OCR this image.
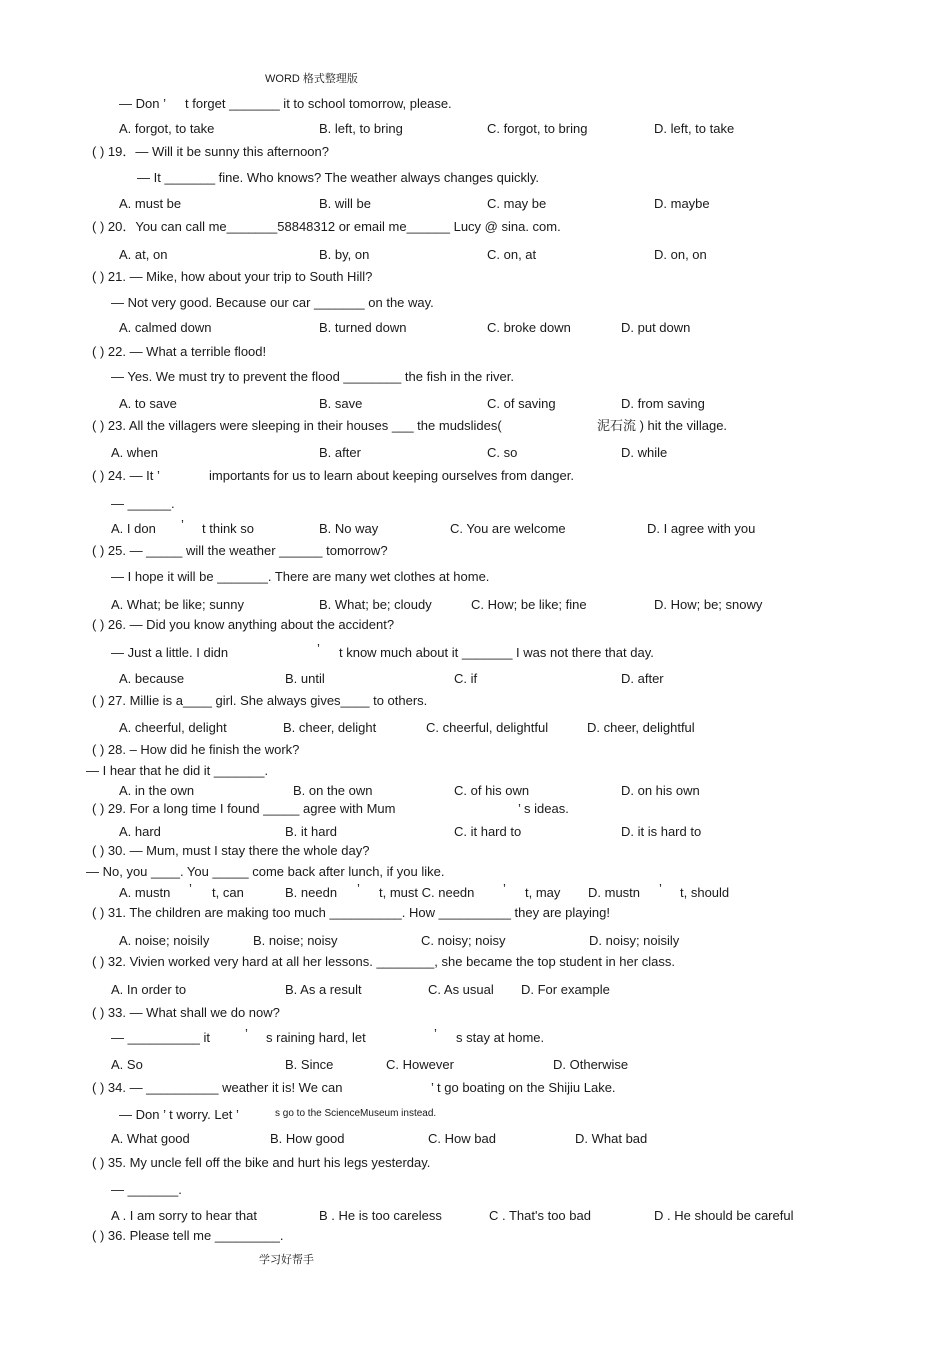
WORD 格式整理版
— Don ’ t forget _______ it to school tomorrow, please.
A. forgot, to take	B. left, to bring	C. forgot, to bring	D. left, to take
( ) 19．— Will it be sunny this afternoon?
— It _______ fine. Who knows? The weather always changes quickly.
A. must be	B. will be	C. may be	D. maybe
( ) 20．You can call me_______58848312 or email me______ Lucy @ sina. com.
A. at, on	B. by, on	C. on, at	D. on, on
( ) 21. — Mike, how about your trip to South Hill?
— Not very good. Because our car _______ on the way.
A. calmed down	B. turned down	C. broke down	D. put down
( ) 22. — What a terrible flood!
— Yes. We must try to prevent the flood ________ the fish in the river.
A. to save	B. save	C. of saving	D. from saving
( ) 23. All the villagers were sleeping in their houses ___ the mudslides(	泥石流 ) hit the village.
A. when	B. after	C. so	D. while
( ) 24. — It ’	importants for us to learn about keeping ourselves from danger.
— ______.
A. I don ’ t think so	B. No way	C. You are welcome	D. I agree with you
( ) 25. — _____ will the weather ______ tomorrow?
— I hope it will be _______. There are many wet clothes at home.
A. What; be like; sunny	B. What; be; cloudy	C. How; be like; fine	D. How; be; snowy
( ) 26. — Did you know anything about the accident?
— Just a little. I didn	’ t know much about it _______ I was not there that day.
A. because	B. until	C. if	D. after
( ) 27. Millie is a____ girl. She always gives____ to others.
A. cheerful, delight	B. cheer, delight	C. cheerful, delightful	D. cheer, delightful
( ) 28. – How did he finish the work?
— I hear that he did it _______.
A. in the own	B. on the own	C. of his own	D. on his own
( ) 29. For a long time I found _____ agree with Mum	’ s ideas.
A. hard	B. it hard	C. it hard to	D. it is hard to
( ) 30. — Mum, must I stay there the whole day?
— No, you ____. You _____ come back after lunch, if you like.
A. mustn ’ t, can	B. needn ’ t, must C. needn ’ t, may D. mustn ’ t, should
( ) 31. The children are making too much __________. How __________ they are playing!
A. noise; noisily	B. noise; noisy	C. noisy; noisy	D. noisy; noisily
( ) 32. Vivien worked very hard at all her lessons. ________, she became the top student in her class.
A. In order to	B. As a result	C. As usual D. For example
( ) 33. — What shall we do now?
— __________ it	’ s raining hard, let	’ s stay at home.
A. So	B. Since	C. However	D. Otherwise
( ) 34. — __________ weather it is! We can	’ t go boating on the Shijiu Lake.
— Don ’ t worry. Let ’	s go to the ScienceMuseum instead.
A. What good	B. How good	C. How bad	D. What bad
( ) 35. My uncle fell off the bike and hurt his legs yesterday.
— _______.
A . I am sorry to hear that	B . He is too careless	C . That's too bad	D . He should be careful
( ) 36. Please tell me _________.
学习好帮手
